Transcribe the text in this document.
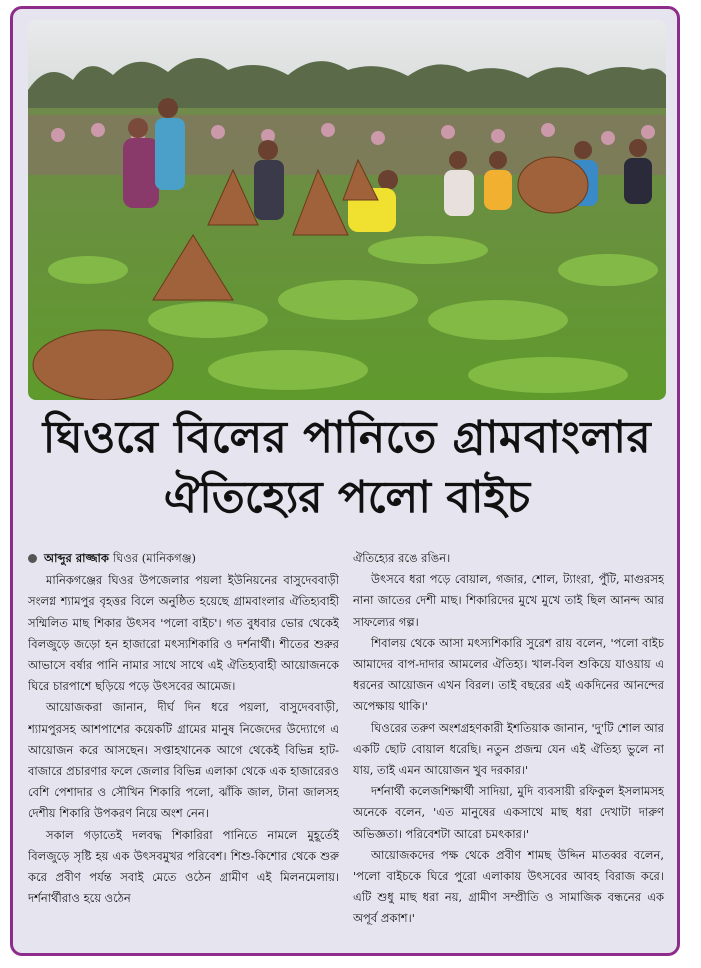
ঘিওরে বিলের পানিতে গ্রামবাংলার
ঐতিহ্যের পলো বাইচ
আব্দুর রাজ্জাক ঘিওর (মানিকগঞ্জ)

মানিকগঞ্জের ঘিওর উপজেলার পয়লা ইউনিয়নের বাসুদেববাড়ী সংলগ্ন শ্যামপুর বৃহত্তর বিলে অনুষ্ঠিত হয়েছে গ্রামবাংলার ঐতিহ্যবাহী সম্মিলিত মাছ শিকার উৎসব 'পলো বাইচ'। গত বুধবার ভোর থেকেই বিলজুড়ে জড়ো হন হাজারো মৎস্যশিকারি ও দর্শনার্থী। শীতের শুরুর আভাসে বর্ষার পানি নামার সাথে সাথে এই ঐতিহ্যবাহী আয়োজনকে ঘিরে চারপাশে ছড়িয়ে পড়ে উৎসবের আমেজ।

আয়োজকরা জানান, দীর্ঘ দিন ধরে পয়লা, বাসুদেববাড়ী, শ্যামপুরসহ আশপাশের কয়েকটি গ্রামের মানুষ নিজেদের উদ্যোগে এ আয়োজন করে আসছেন। সপ্তাহখানেক আগে থেকেই বিভিন্ন হাট-বাজারে প্রচারণার ফলে জেলার বিভিন্ন এলাকা থেকে এক হাজারেরও বেশি পেশাদার ও সৌখিন শিকারি পলো, ঝাঁকি জাল, টানা জালসহ দেশীয় শিকারি উপকরণ নিয়ে অংশ নেন।

সকাল গড়াতেই দলবদ্ধ শিকারিরা পানিতে নামলে মুহূর্তেই বিলজুড়ে সৃষ্টি হয় এক উৎসবমুখর পরিবেশ। শিশু-কিশোর থেকে শুরু করে প্রবীণ পর্যন্ত সবাই মেতে ওঠেন গ্রামীণ এই মিলনমেলায়। দর্শনার্থীরাও হয়ে ওঠেন

ঐতিহ্যের রঙে রঙিন।

উৎসবে ধরা পড়ে বোয়াল, গজার, শোল, ট্যাংরা, পুঁটি, মাগুরসহ নানা জাতের দেশী মাছ। শিকারিদের মুখে মুখে তাই ছিল আনন্দ আর সাফল্যের গল্প।

শিবালয় থেকে আসা মৎস্যশিকারি সুরেশ রায় বলেন, 'পলো বাইচ আমাদের বাপ-দাদার আমলের ঐতিহ্য। খাল-বিল শুকিয়ে যাওয়ায় এ ধরনের আয়োজন এখন বিরল। তাই বছরের এই একদিনের আনন্দের অপেক্ষায় থাকি।'

ঘিওরের তরুণ অংশগ্রহণকারী ইশতিয়াক জানান, 'দু'টি শোল আর একটি ছোট বোয়াল ধরেছি। নতুন প্রজন্ম যেন এই ঐতিহ্য ভুলে না যায়, তাই এমন আয়োজন খুব দরকার।'

দর্শনার্থী কলেজশিক্ষার্থী সাদিয়া, মুদি ব্যবসায়ী রফিকুল ইসলামসহ অনেকে বলেন, 'এত মানুষের একসাথে মাছ ধরা দেখাটা দারুণ অভিজ্ঞতা। পরিবেশটা আরো চমৎকার।'

আয়োজকদের পক্ষ থেকে প্রবীণ শামছ উদ্দিন মাতব্বর বলেন, 'পলো বাইচকে ঘিরে পুরো এলাকায় উৎসবের আবহ বিরাজ করে। এটি শুধু মাছ ধরা নয়, গ্রামীণ সম্প্রীতি ও সামাজিক বন্ধনের এক অপূর্ব প্রকাশ।'
